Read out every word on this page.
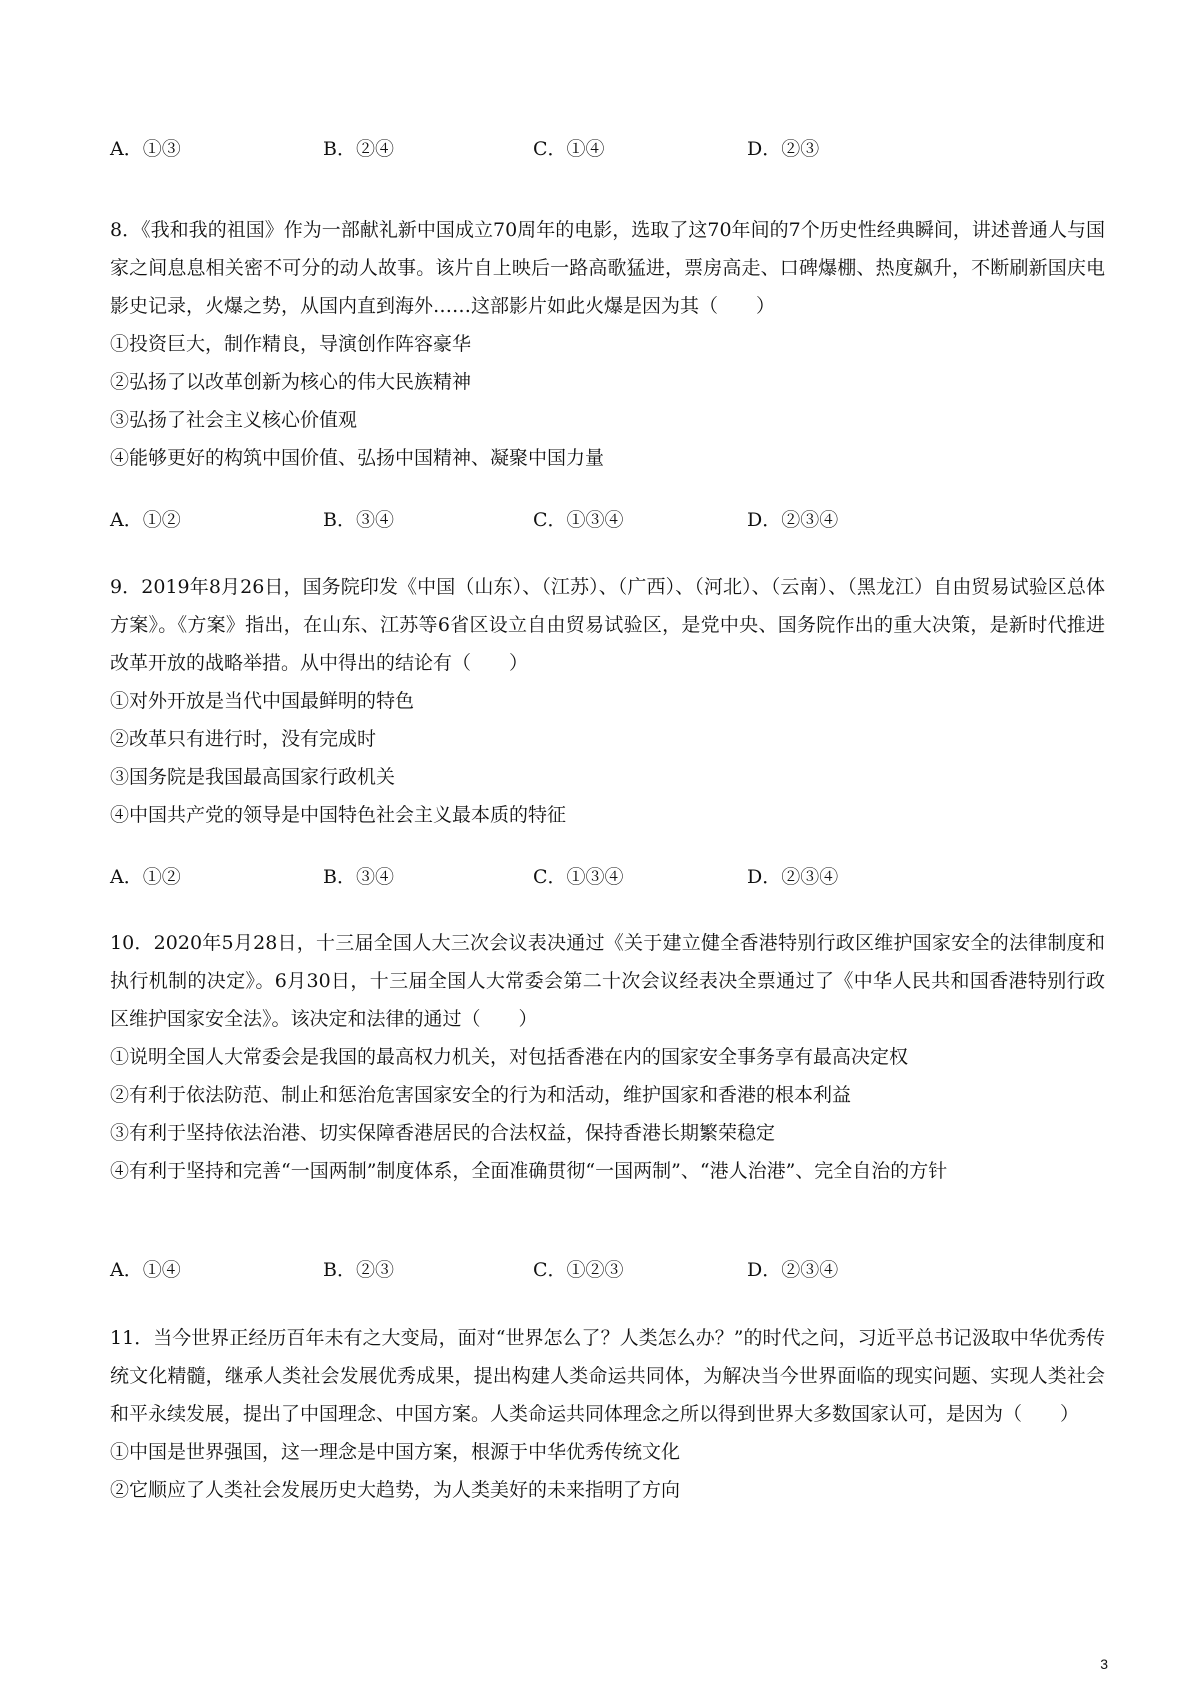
A．①③	B．②④	C．①④	D．②③

8．《我和我的祖国》作为一部献礼新中国成立70周年的电影，选取了这70年间的7个历史性经典瞬间，讲述普通人与国家之间息息相关密不可分的动人故事。该片自上映后一路高歌猛进，票房高走、口碑爆棚、热度飙升，不断刷新国庆电影史记录，火爆之势，从国内直到海外……这部影片如此火爆是因为其（　　）

①投资巨大，制作精良，导演创作阵容豪华

②弘扬了以改革创新为核心的伟大民族精神

③弘扬了社会主义核心价值观

④能够更好的构筑中国价值、弘扬中国精神、凝聚中国力量

A．①②	B．③④	C．①③④	D．②③④

9．2019年8月26日，国务院印发《中国（山东）、（江苏）、（广西）、（河北）、（云南）、（黑龙江）自由贸易试验区总体方案》。《方案》指出，在山东、江苏等6省区设立自由贸易试验区，是党中央、国务院作出的重大决策，是新时代推进改革开放的战略举措。从中得出的结论有（　　）

①对外开放是当代中国最鲜明的特色

②改革只有进行时，没有完成时

③国务院是我国最高国家行政机关

④中国共产党的领导是中国特色社会主义最本质的特征

A．①②	B．③④	C．①③④	D．②③④

10．2020年5月28日，十三届全国人大三次会议表决通过《关于建立健全香港特别行政区维护国家安全的法律制度和执行机制的决定》。6月30日，十三届全国人大常委会第二十次会议经表决全票通过了《中华人民共和国香港特别行政区维护国家安全法》。该决定和法律的通过（　　）

①说明全国人大常委会是我国的最高权力机关，对包括香港在内的国家安全事务享有最高决定权

②有利于依法防范、制止和惩治危害国家安全的行为和活动，维护国家和香港的根本利益

③有利于坚持依法治港、切实保障香港居民的合法权益，保持香港长期繁荣稳定

④有利于坚持和完善“一国两制”制度体系，全面准确贯彻“一国两制”、“港人治港”、完全自治的方针

A．①④	B．②③	C．①②③	D．②③④

11．当今世界正经历百年未有之大变局，面对“世界怎么了？人类怎么办？”的时代之问，习近平总书记汲取中华优秀传统文化精髓，继承人类社会发展优秀成果，提出构建人类命运共同体，为解决当今世界面临的现实问题、实现人类社会和平永续发展，提出了中国理念、中国方案。人类命运共同体理念之所以得到世界大多数国家认可，是因为（　　）

①中国是世界强国，这一理念是中国方案，根源于中华优秀传统文化

②它顺应了人类社会发展历史大趋势，为人类美好的未来指明了方向

3
